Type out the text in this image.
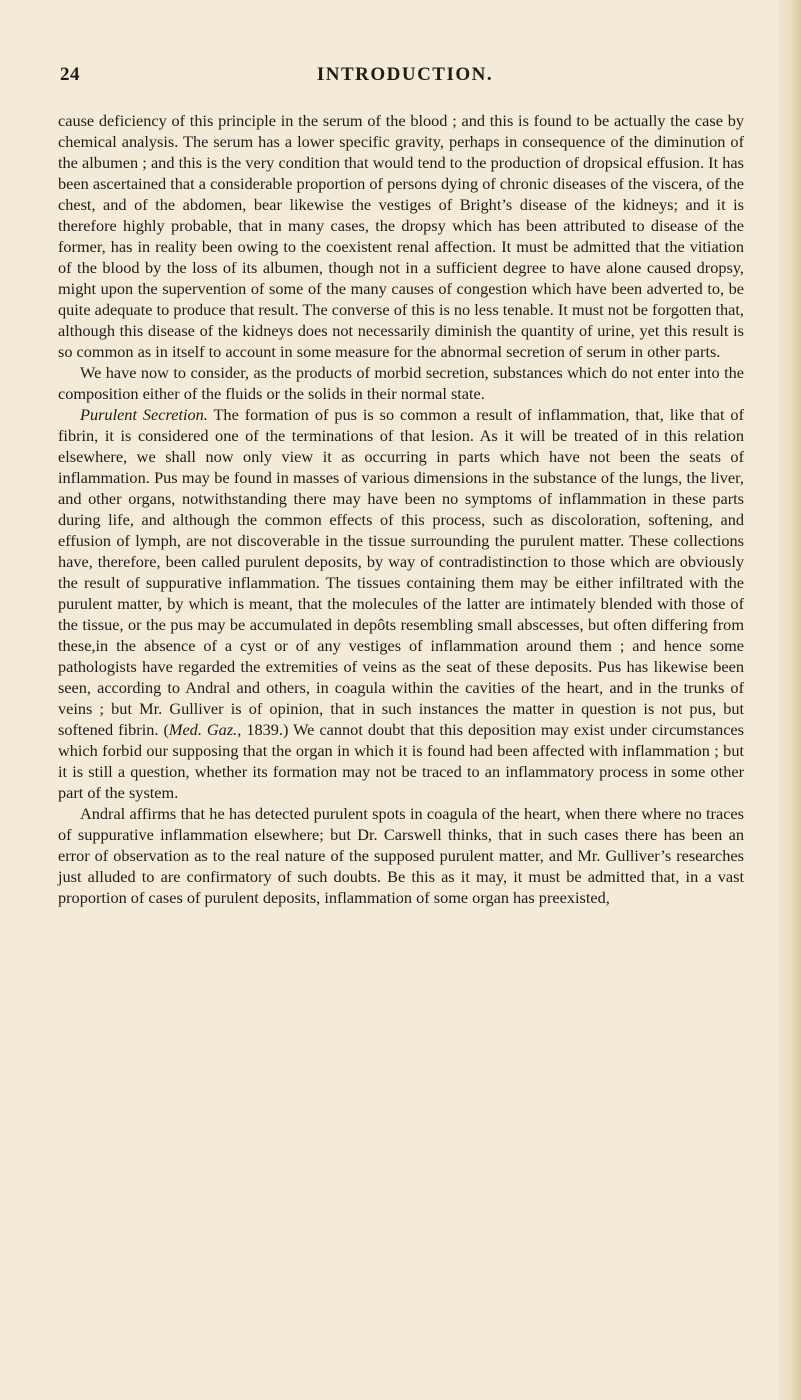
24	INTRODUCTION.

cause deficiency of this principle in the serum of the blood ; and this is found to be actually the case by chemical analysis. The serum has a lower specific gravity, perhaps in consequence of the diminution of the albumen ; and this is the very condition that would tend to the production of dropsical effusion. It has been ascertained that a considerable proportion of persons dying of chronic diseases of the viscera, of the chest, and of the abdomen, bear likewise the vestiges of Bright’s disease of the kidneys; and it is therefore highly probable, that in many cases, the dropsy which has been attributed to disease of the former, has in reality been owing to the coexistent renal affection. It must be admitted that the vitiation of the blood by the loss of its albumen, though not in a sufficient degree to have alone caused dropsy, might upon the supervention of some of the many causes of congestion which have been adverted to, be quite adequate to produce that result. The converse of this is no less tenable. It must not be forgotten that, although this disease of the kidneys does not necessarily diminish the quantity of urine, yet this result is so common as in itself to account in some measure for the abnormal secretion of serum in other parts.

We have now to consider, as the products of morbid secretion, substances which do not enter into the composition either of the fluids or the solids in their normal state.

Purulent Secretion. The formation of pus is so common a result of inflammation, that, like that of fibrin, it is considered one of the terminations of that lesion. As it will be treated of in this relation elsewhere, we shall now only view it as occurring in parts which have not been the seats of inflammation. Pus may be found in masses of various dimensions in the substance of the lungs, the liver, and other organs, notwithstanding there may have been no symptoms of inflammation in these parts during life, and although the common effects of this process, such as discoloration, softening, and effusion of lymph, are not discoverable in the tissue surrounding the purulent matter. These collections have, therefore, been called purulent deposits, by way of contradistinction to those which are obviously the result of suppurative inflammation. The tissues containing them may be either infiltrated with the purulent matter, by which is meant, that the molecules of the latter are intimately blended with those of the tissue, or the pus may be accumulated in depôts resembling small abscesses, but often differing from these,in the absence of a cyst or of any vestiges of inflammation around them ; and hence some pathologists have regarded the extremities of veins as the seat of these deposits. Pus has likewise been seen, according to Andral and others, in coagula within the cavities of the heart, and in the trunks of veins ; but Mr. Gulliver is of opinion, that in such instances the matter in question is not pus, but softened fibrin. (Med. Gaz., 1839.) We cannot doubt that this deposition may exist under circumstances which forbid our supposing that the organ in which it is found had been affected with inflammation ; but it is still a question, whether its formation may not be traced to an inflammatory process in some other part of the system.

Andral affirms that he has detected purulent spots in coagula of the heart, when there where no traces of suppurative inflammation elsewhere; but Dr. Carswell thinks, that in such cases there has been an error of observation as to the real nature of the supposed purulent matter, and Mr. Gulliver’s researches just alluded to are confirmatory of such doubts. Be this as it may, it must be admitted that, in a vast proportion of cases of purulent deposits, inflammation of some organ has preexisted,
